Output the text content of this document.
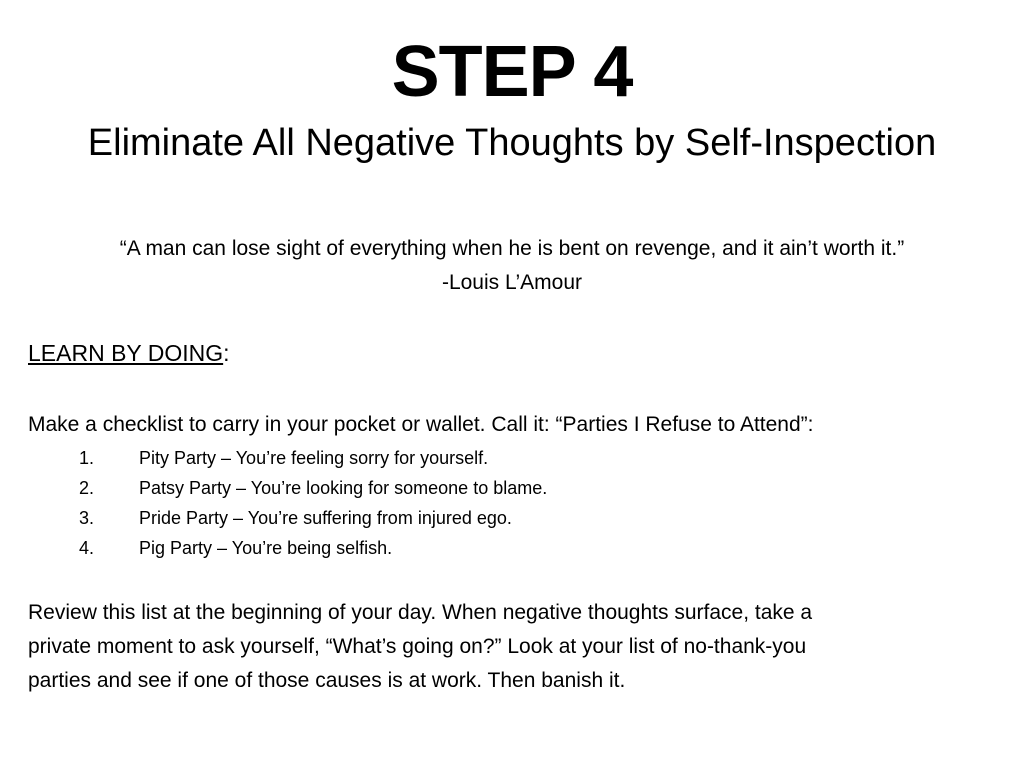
STEP 4
Eliminate All Negative Thoughts by Self-Inspection
“A man can lose sight of everything when he is bent on revenge, and it ain’t worth it.”
-Louis L’Amour
LEARN BY DOING:
Make a checklist to carry in your pocket or wallet. Call it: “Parties I Refuse to Attend”:
1.	Pity Party – You’re feeling sorry for yourself.
2.	Patsy Party – You’re looking for someone to blame.
3.	Pride Party – You’re suffering from injured ego.
4.	Pig Party – You’re being selfish.
Review this list at the beginning of your day. When negative thoughts surface, take a
private moment to ask yourself, “What’s going on?” Look at your list of no-thank-you
parties and see if one of those causes is at work. Then banish it.
